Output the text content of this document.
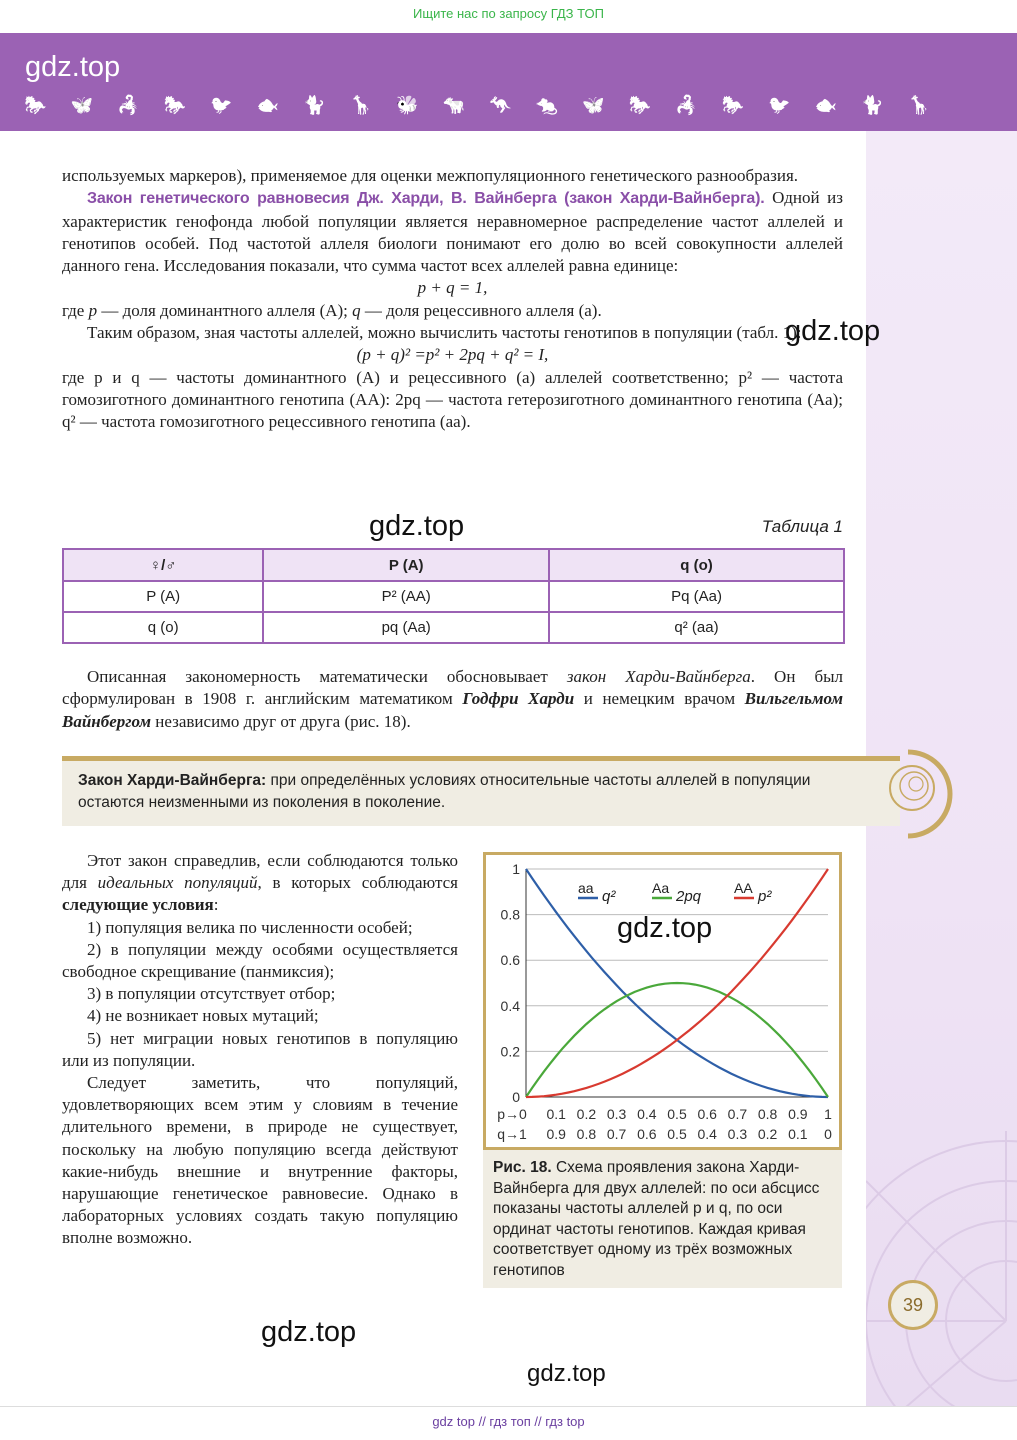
Ищите нас по запросу ГДЗ ТОП
gdz.top
🐎 🦋 🦂 🐎 🐦 🐟 🐈 🦒 🐝 🐄 🦘 🐀 🦋 🐎 🦂 🐎 🐦 🐟 🐈 🦒

используемых маркеров), применяемое для оценки межпопуляционного генетического разнообразия.

Закон генетического равновесия Дж. Харди, В. Вайнберга (закон Харди-Вайнберга). Одной из характеристик генофонда любой популяции является неравномерное распределение частот аллелей и генотипов особей. Под частотой аллеля биологи понимают его долю во всей совокупности аллелей данного гена. Исследования показали, что сумма частот всех аллелей равна единице:

p + q = 1,

где p — доля доминантного аллеля (А); q — доля рецессивного аллеля (а).

Таким образом, зная частоты аллелей, можно вычислить частоты генотипов в популяции (табл. 1):

(p + q)² =p² + 2pq + q² = I,

где p и q — частоты доминантного (А) и рецессивного (а) аллелей соответственно; p² — частота гомозиготного доминантного генотипа (АА): 2pq — частота гетерозиготного доминантного генотипа (Аа); q² — частота гомозиготного рецессивного генотипа (аа).

gdz.top
gdz.top	Таблица 1
♀/♂	P (A)	q (o)
P (A)	P² (AA)	Pq (Aa)
q (o)	pq (Aa)	q² (aa)

Описанная закономерность математически обосновывает закон Харди-Вайнберга. Он был сформулирован в 1908 г. английским математиком Годфри Харди и немецким врачом Вильгельмом Вайнбергом независимо друг от друга (рис. 18).

Закон Харди-Вайнберга: при определённых условиях относительные частоты аллелей в популяции остаются неизменными из поколения в поколение.

Этот закон справедлив, если соблюдаются только для идеальных популяций, в которых соблюдаются следующие условия:

1) популяция велика по численности особей;

2) в популяции между особями осуществляется свободное скрещивание (панмиксия);

3) в популяции отсутствует отбор;

4) не возникает новых мутаций;

5) нет миграции новых генотипов в популяцию или из популяции.

Следует заметить, что популяций, удовлетворяющих всем этим у словиям в течение длительного времени, в природе не существует, поскольку на любую популяцию всегда действуют какие-нибудь внешние и внутренние факторы, нарушающие генетическое равновесие. Однако в лабораторных условиях создать такую популяцию вполне возможно.

0
0.2
0.4
0.6
0.8
1
p→0 0.1 0.2 0.3 0.4 0.5 0.6 0.7 0.8 0.9 1
q→1 0.9 0.8 0.7 0.6 0.5 0.4 0.3 0.2 0.1 0
aa q²	Aa 2pq AA p²
Рис. 18. Схема проявления закона Харди-Вайнберга для двух аллелей: по оси абсцисс показаны частоты аллелей p и q, по оси ординат частоты генотипов. Каждая кривая соответствует одному из трёх возможных генотипов
gdz.top
gdz.top
gdz.top
39
gdz top // гдз топ // гдз top
